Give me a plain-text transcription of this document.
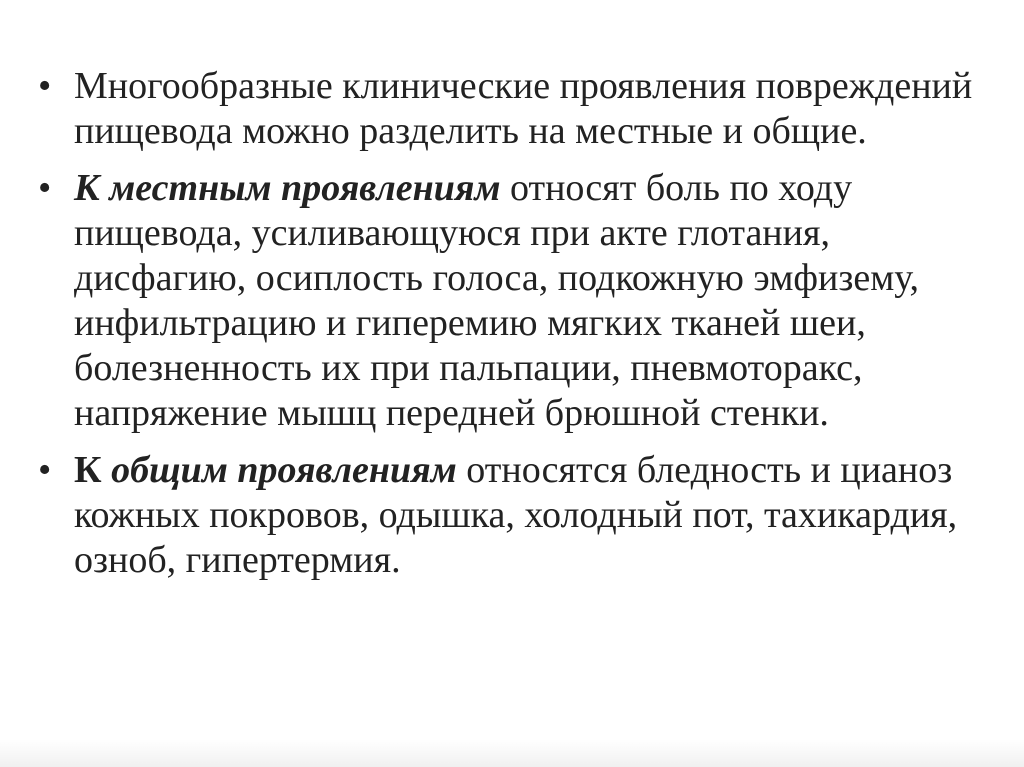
• Многообразные клинические проявления повреждений пищевода можно разделить на местные и общие.
• К местным проявлениям относят боль по ходу пищевода, усиливающуюся при акте глотания, дисфагию, осиплость голоса, подкожную эмфизему, инфильтрацию и гиперемию мягких тканей шеи, болезненность их при пальпации, пневмоторакс, напряжение мышц передней брюшной стенки.
• К общим проявлениям относятся бледность и цианоз кожных покровов, одышка, холодный пот, тахикардия, озноб, гипертермия.
